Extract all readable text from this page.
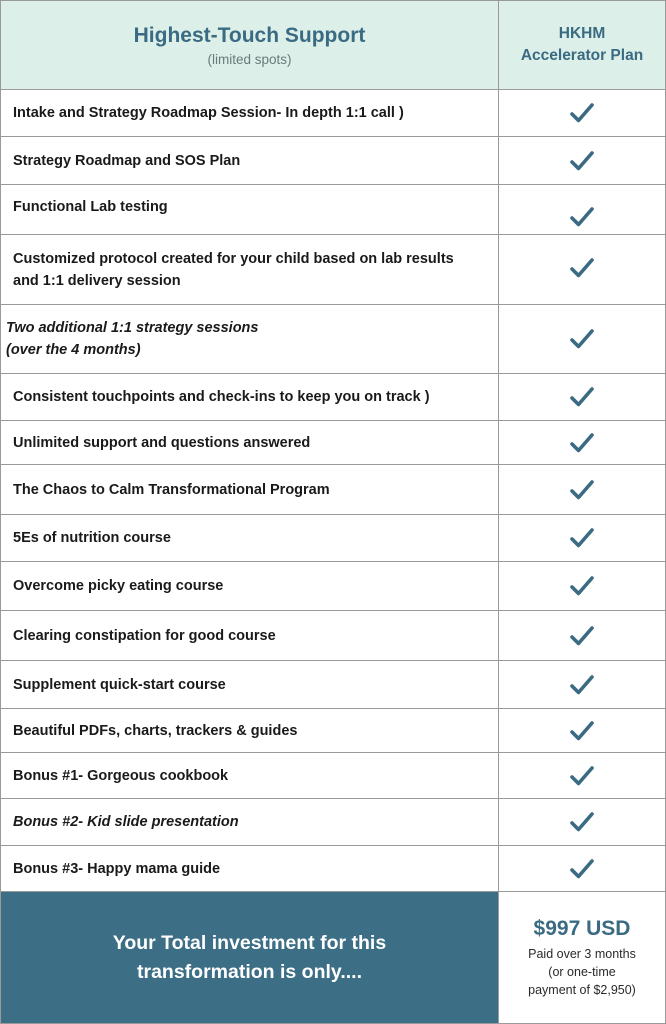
Highest-Touch Support
(limited spots)
HKHM
Accelerator Plan
Intake and Strategy Roadmap Session- In depth 1:1 call )
Strategy Roadmap and SOS Plan
Functional Lab testing
Customized protocol created for your child based on lab results
and 1:1 delivery session
Two additional 1:1 strategy sessions
(over the 4 months)
Consistent touchpoints and check-ins to keep you on track )
Unlimited support and questions answered
The Chaos to Calm Transformational Program
5Es of nutrition course
Overcome picky eating course
Clearing constipation for good course
Supplement quick-start course
Beautiful PDFs, charts, trackers & guides
Bonus #1- Gorgeous cookbook
Bonus #2- Kid slide presentation
Bonus #3- Happy mama guide
Your Total investment for this
transformation is only....
$997 USD
Paid over 3 months
(or one-time
payment of $2,950)
